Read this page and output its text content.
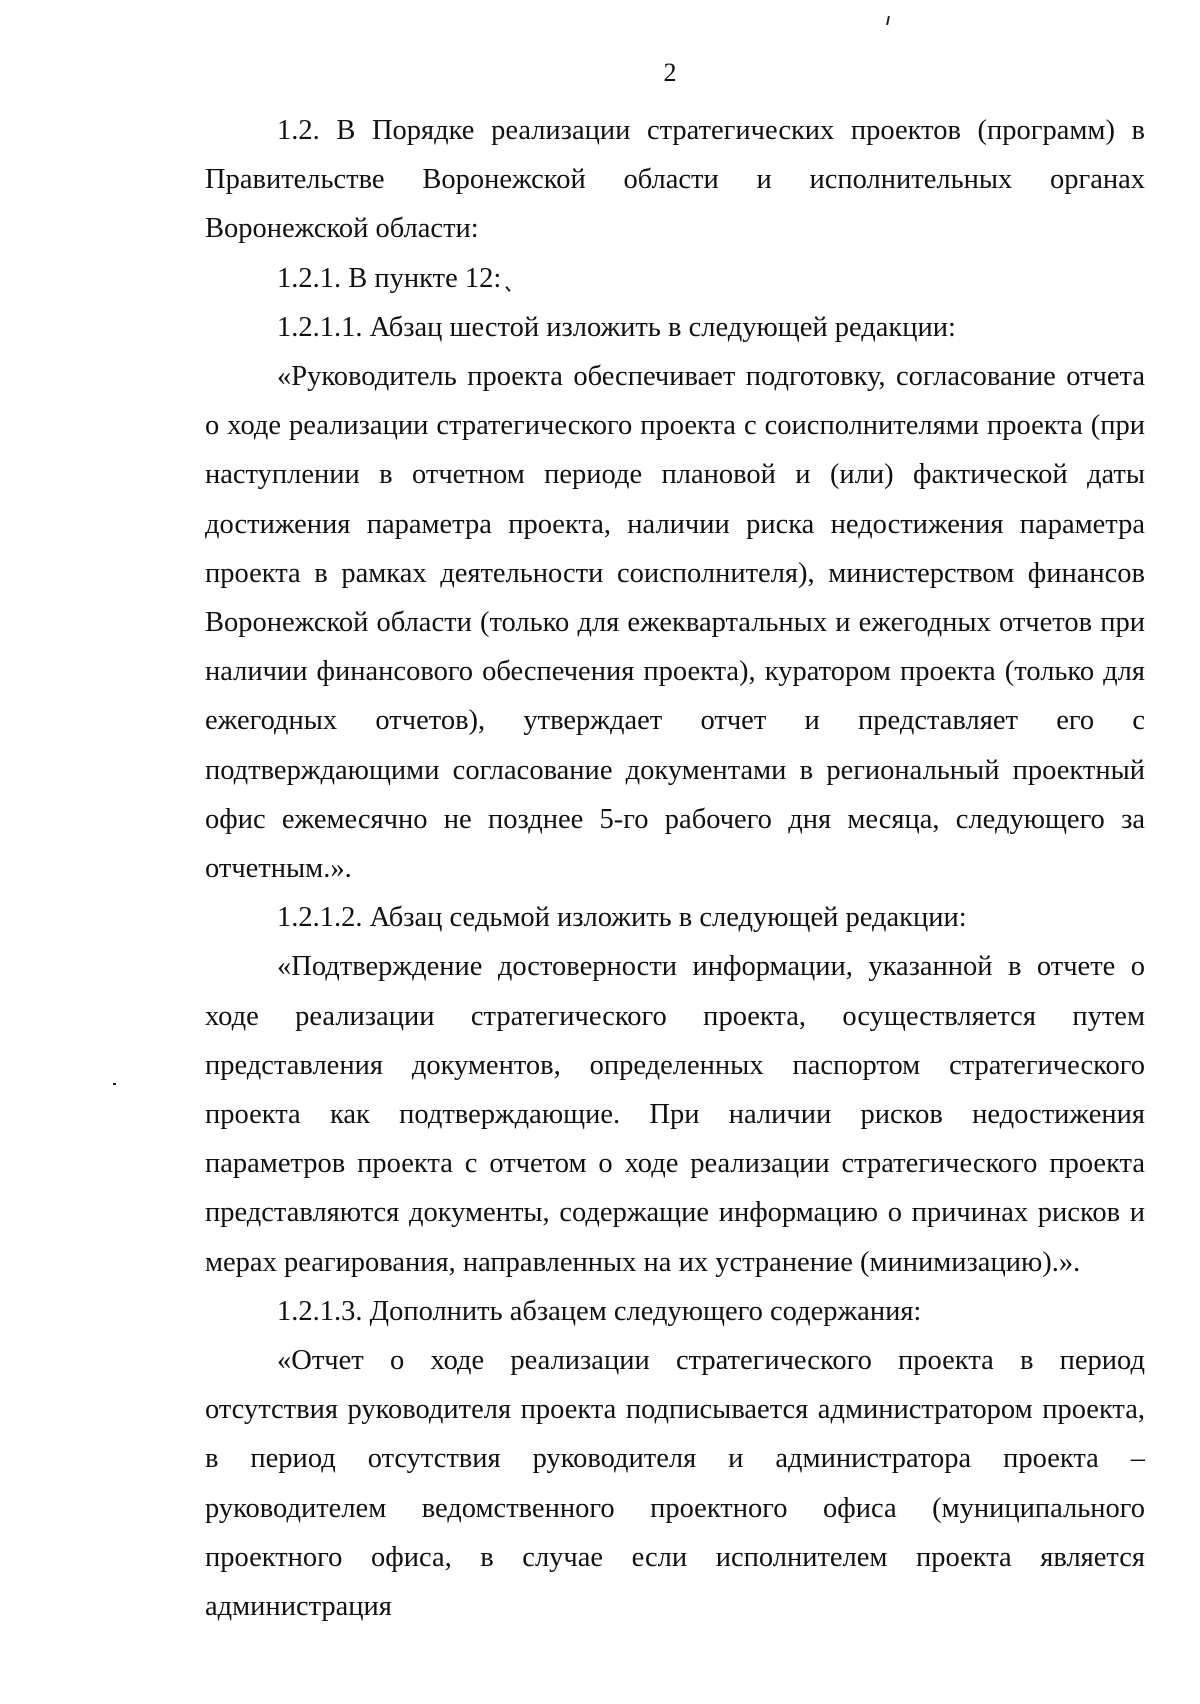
2

1.2. В Порядке реализации стратегических проектов (программ) в Правительстве Воронежской области и исполнительных органах Воронежской области:

1.2.1. В пункте 12:

1.2.1.1. Абзац шестой изложить в следующей редакции:

«Руководитель проекта обеспечивает подготовку, согласование отчета о ходе реализации стратегического проекта с соисполнителями проекта (при наступлении в отчетном периоде плановой и (или) фактической даты достижения параметра проекта, наличии риска недостижения параметра проекта в рамках деятельности соисполнителя), министерством финансов Воронежской области (только для ежеквартальных и ежегодных отчетов при наличии финансового обеспечения проекта), куратором проекта (только для ежегодных отчетов), утверждает отчет и представляет его с подтверждающими согласование документами в региональный проектный офис ежемесячно не позднее 5-го рабочего дня месяца, следующего за отчетным.».

1.2.1.2. Абзац седьмой изложить в следующей редакции:

«Подтверждение достоверности информации, указанной в отчете о ходе реализации стратегического проекта, осуществляется путем представления документов, определенных паспортом стратегического проекта как подтверждающие. При наличии рисков недостижения параметров проекта с отчетом о ходе реализации стратегического проекта представляются документы, содержащие информацию о причинах рисков и мерах реагирования, направленных на их устранение (минимизацию).».

1.2.1.3. Дополнить абзацем следующего содержания:

«Отчет о ходе реализации стратегического проекта в период отсутствия руководителя проекта подписывается администратором проекта, в период отсутствия руководителя и администратора проекта – руководителем ведомственного проектного офиса (муниципального проектного офиса, в случае если исполнителем проекта является администрация
